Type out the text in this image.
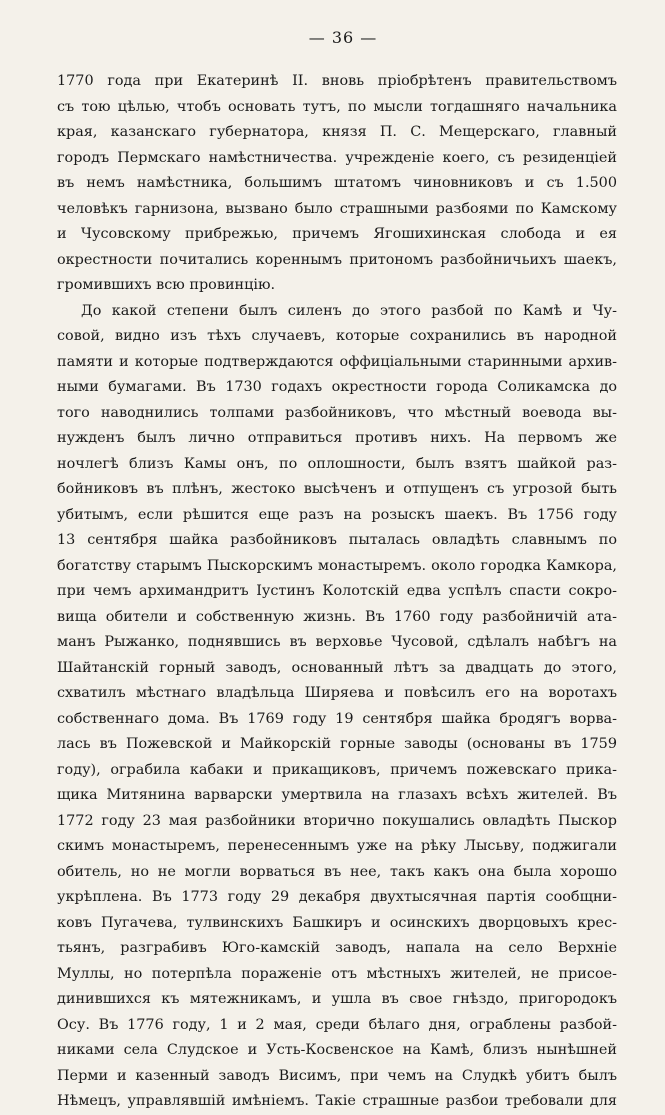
— 36 —
1770 года при Екатеринѣ II. вновь пріобрѣтенъ правительствомъ
съ тою цѣлью, чтобъ основать тутъ, по мысли тогдашняго начальника
края, казанскаго губернатора, князя П. С. Мещерскаго, главный
городъ Пермскаго намѣстничества. учрежденіе коего, съ резиденціей
въ немъ намѣстника, большимъ штатомъ чиновниковъ и съ 1.500
человѣкъ гарнизона, вызвано было страшными разбоями по Камскому
и Чусовскому прибрежью, причемъ Ягошихинская слобода и ея
окрестности почитались кореннымъ притономъ разбойничьихъ шаекъ,
громившихъ всю провинцію.
До какой степени былъ силенъ до этого разбой по Камѣ и Чу-
совой, видно изъ тѣхъ случаевъ, которые сохранились въ народной
памяти и которые подтверждаются оффиціальными старинными архив-
ными бумагами. Въ 1730 годахъ окрестности города Соликамска до
того наводнились толпами разбойниковъ, что мѣстный воевода вы-
нужденъ былъ лично отправиться противъ нихъ. На первомъ же
ночлегѣ близъ Камы онъ, по оплошности, былъ взятъ шайкой раз-
бойниковъ въ плѣнъ, жестоко высѣченъ и отпущенъ съ угрозой быть
убитымъ, если рѣшится еще разъ на розыскъ шаекъ. Въ 1756 году
13 сентября шайка разбойниковъ пыталась овладѣть славнымъ по
богатству старымъ Пыскорскимъ монастыремъ. около городка Камкора,
при чемъ архимандритъ Іустинъ Колотскій едва успѣлъ спасти сокро-
вища обители и собственную жизнь. Въ 1760 году разбойничій ата-
манъ Рыжанко, поднявшись въ верховье Чусовой, сдѣлалъ набѣгъ на
Шайтанскій горный заводъ, основанный лѣтъ за двадцать до этого,
схватилъ мѣстнаго владѣльца Ширяева и повѣсилъ его на воротахъ
собственнаго дома. Въ 1769 году 19 сентября шайка бродягъ ворва-
лась въ Пожевской и Майкорскій горные заводы (основаны въ 1759
году), ограбила кабаки и прикащиковъ, причемъ пожевскаго прика-
щика Митянина варварски умертвила на глазахъ всѣхъ жителей. Въ
1772 году 23 мая разбойники вторично покушались овладѣть Пыскор
скимъ монастыремъ, перенесеннымъ уже на рѣку Лысьву, поджигали
обитель, но не могли ворваться въ нее, такъ какъ она была хорошо
укрѣплена. Въ 1773 году 29 декабря двухтысячная партія сообщни-
ковъ Пугачева, тулвинскихъ Башкиръ и осинскихъ дворцовыхъ крес-
тьянъ, разграбивъ Юго-камскій заводъ, напала на село Верхніе
Муллы, но потерпѣла пораженіе отъ мѣстныхъ жителей, не присое-
динившихся къ мятежникамъ, и ушла въ свое гнѣздо, пригородокъ
Осу. Въ 1776 году, 1 и 2 мая, среди бѣлаго дня, ограблены разбой-
никами села Слудское и Усть-Косвенское на Камѣ, близъ нынѣшней
Перми и казенный заводъ Висимъ, при чемъ на Слудкѣ убитъ былъ
Нѣмецъ, управлявшій имѣніемъ. Такіе страшные разбои требовали для
